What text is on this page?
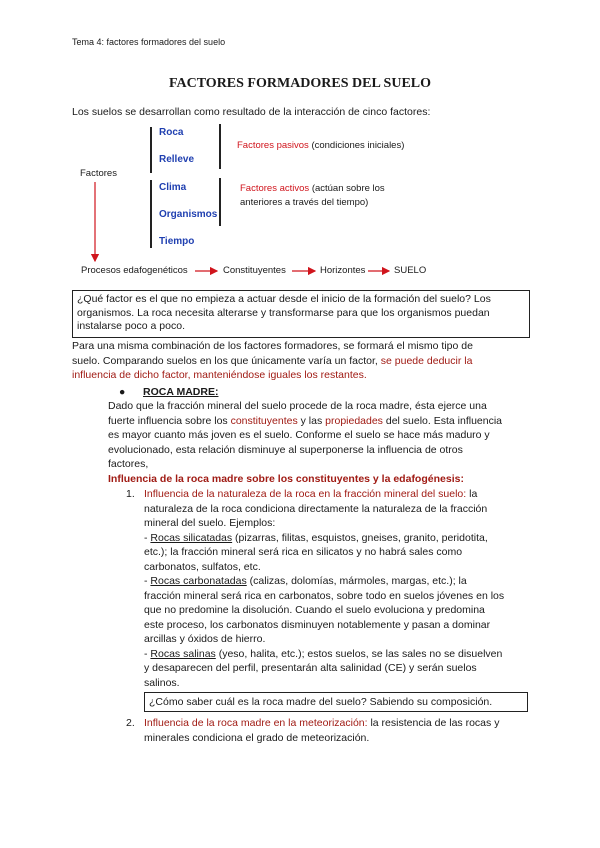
Tema 4: factores formadores del suelo
FACTORES FORMADORES DEL SUELO
Los suelos se desarrollan como resultado de la interacción de cinco factores:
Factores
Roca
Relleve
Clima
Organismos
Tiempo
Factores pasivos (condiciones iniciales)
Factores activos (actúan sobre los
anteriores a través del tiempo)
Procesos edafogenéticos	Constituyentes	Horizontes	SUELO
¿Qué factor es el que no empieza a actuar desde el inicio de la formación del suelo? Los
organismos. La roca necesita alterarse y transformarse para que los organismos puedan
instalarse poco a poco.
Para una misma combinación de los factores formadores, se formará el mismo tipo de
suelo. Comparando suelos en los que únicamente varía un factor, se puede deducir la
influencia de dicho factor, manteniéndose iguales los restantes.
● ROCA MADRE:
Dado que la fracción mineral del suelo procede de la roca madre, ésta ejerce una
fuerte influencia sobre los constituyentes y las propiedades del suelo. Esta influencia
es mayor cuanto más joven es el suelo. Conforme el suelo se hace más maduro y
evolucionado, esta relación disminuye al superponerse la influencia de otros
factores,
Influencia de la roca madre sobre los constituyentes y la edafogénesis:
1. Influencia de la naturaleza de la roca en la fracción mineral del suelo: la
naturaleza de la roca condiciona directamente la naturaleza de la fracción
mineral del suelo. Ejemplos:
- Rocas silicatadas (pizarras, filitas, esquistos, gneises, granito, peridotita,
etc.); la fracción mineral será rica en silicatos y no habrá sales como
carbonatos, sulfatos, etc.
- Rocas carbonatadas (calizas, dolomías, mármoles, margas, etc.); la
fracción mineral será rica en carbonatos, sobre todo en suelos jóvenes en los
que no predomine la disolución. Cuando el suelo evoluciona y predomina
este proceso, los carbonatos disminuyen notablemente y pasan a dominar
arcillas y óxidos de hierro.
- Rocas salinas (yeso, halita, etc.); estos suelos, se las sales no se disuelven
y desaparecen del perfil, presentarán alta salinidad (CE) y serán suelos
salinos.
¿Cómo saber cuál es la roca madre del suelo? Sabiendo su composición.
2. Influencia de la roca madre en la meteorización: la resistencia de las rocas y
minerales condiciona el grado de meteorización.
